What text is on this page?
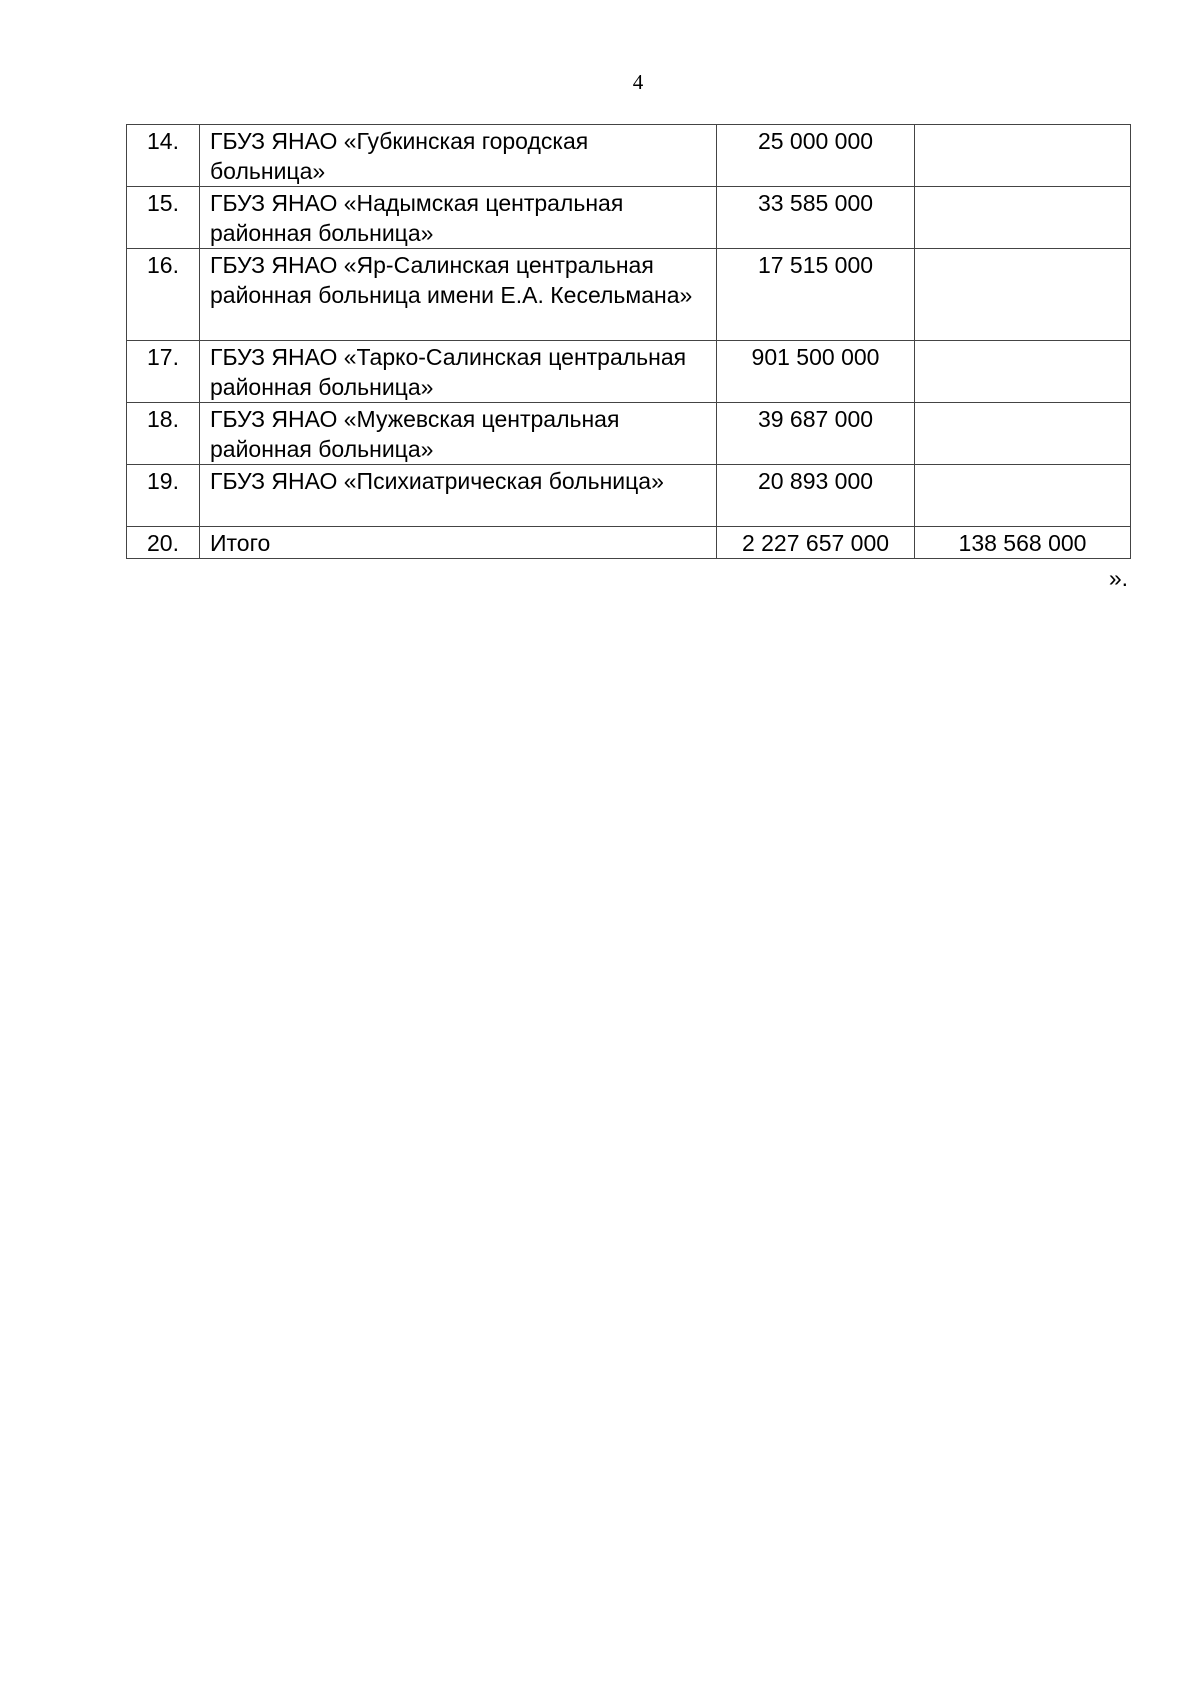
4
14.	ГБУЗ ЯНАО «Губкинская городская больница»	25 000 000	
15.	ГБУЗ ЯНАО «Надымская центральная районная больница»	33 585 000	
16.	ГБУЗ ЯНАО «Яр-Салинская центральная районная больница имени Е.А. Кесельмана»	17 515 000	
17.	ГБУЗ ЯНАО «Тарко-Салинская центральная районная больница»	901 500 000	
18.	ГБУЗ ЯНАО «Мужевская центральная районная больница»	39 687 000	
19.	ГБУЗ ЯНАО «Психиатрическая больница»	20 893 000	
20.	Итого	2 227 657 000	138 568 000
».
